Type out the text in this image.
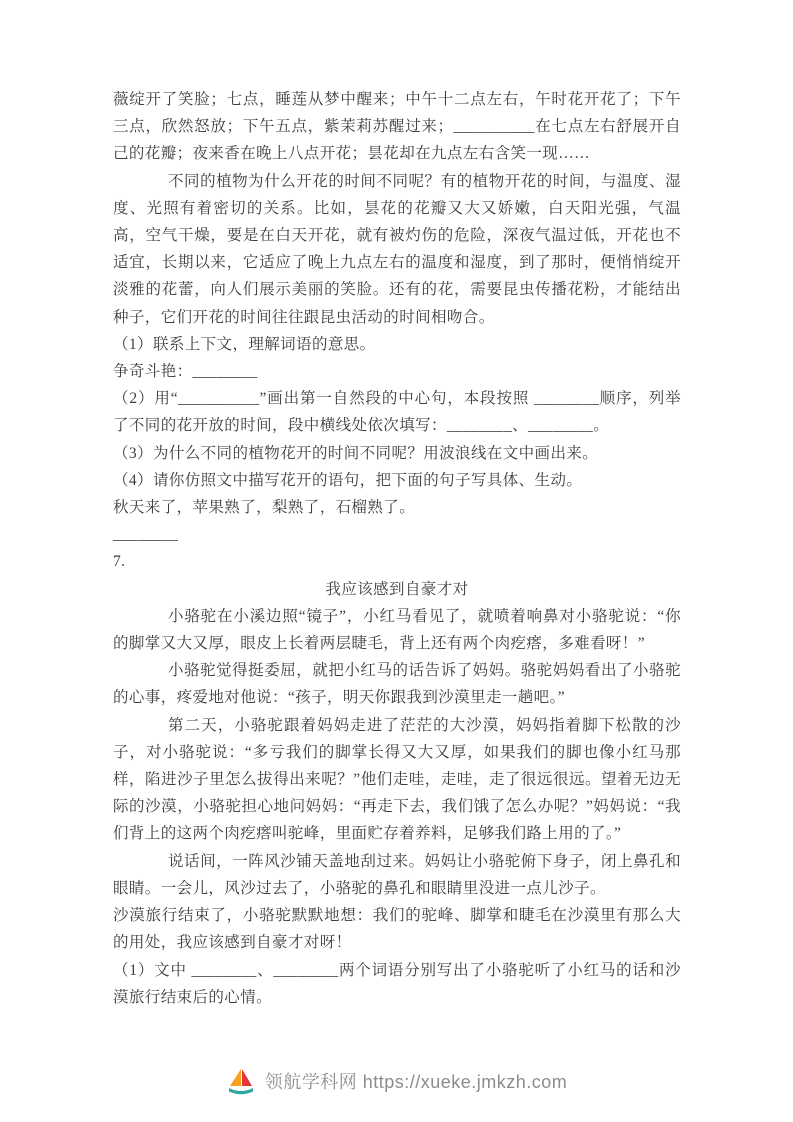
薇绽开了笑脸；七点，睡莲从梦中醒来；中午十二点左右，午时花开花了；下午三点，欣然怒放；下午五点，紫茉莉苏醒过来；__________在七点左右舒展开自己的花瓣；夜来香在晚上八点开花；昙花却在九点左右含笑一现……

不同的植物为什么开花的时间不同呢？有的植物开花的时间，与温度、湿度、光照有着密切的关系。比如，昙花的花瓣又大又娇嫩，白天阳光强，气温高，空气干燥，要是在白天开花，就有被灼伤的危险，深夜气温过低，开花也不适宜，长期以来，它适应了晚上九点左右的温度和湿度，到了那时，便悄悄绽开淡雅的花蕾，向人们展示美丽的笑脸。还有的花，需要昆虫传播花粉，才能结出种子，它们开花的时间往往跟昆虫活动的时间相吻合。

（1）联系上下文，理解词语的意思。

争奇斗艳：________

（2）用“__________”画出第一自然段的中心句，本段按照 ________顺序，列举了不同的花开放的时间，段中横线处依次填写：________、________。

（3）为什么不同的植物花开的时间不同呢？用波浪线在文中画出来。

（4）请你仿照文中描写花开的语句，把下面的句子写具体、生动。

秋天来了，苹果熟了，梨熟了，石榴熟了。

________

7.

我应该感到自豪才对

小骆驼在小溪边照“镜子”，小红马看见了，就喷着响鼻对小骆驼说：“你的脚掌又大又厚，眼皮上长着两层睫毛，背上还有两个肉疙瘩，多难看呀！”

小骆驼觉得挺委屈，就把小红马的话告诉了妈妈。骆驼妈妈看出了小骆驼的心事，疼爱地对他说：“孩子，明天你跟我到沙漠里走一趟吧。”

第二天，小骆驼跟着妈妈走进了茫茫的大沙漠，妈妈指着脚下松散的沙子，对小骆驼说：“多亏我们的脚掌长得又大又厚，如果我们的脚也像小红马那样，陷进沙子里怎么拔得出来呢？”他们走哇，走哇，走了很远很远。望着无边无际的沙漠，小骆驼担心地问妈妈：“再走下去，我们饿了怎么办呢？”妈妈说：“我们背上的这两个肉疙瘩叫驼峰，里面贮存着养料，足够我们路上用的了。”

说话间，一阵风沙铺天盖地刮过来。妈妈让小骆驼俯下身子，闭上鼻孔和眼睛。一会儿，风沙过去了，小骆驼的鼻孔和眼睛里没进一点儿沙子。

沙漠旅行结束了，小骆驼默默地想：我们的驼峰、脚掌和睫毛在沙漠里有那么大的用处，我应该感到自豪才对呀！

（1）文中 ________、________两个词语分别写出了小骆驼听了小红马的话和沙漠旅行结束后的心情。

领航学科网 https://xueke.jmkzh.com
